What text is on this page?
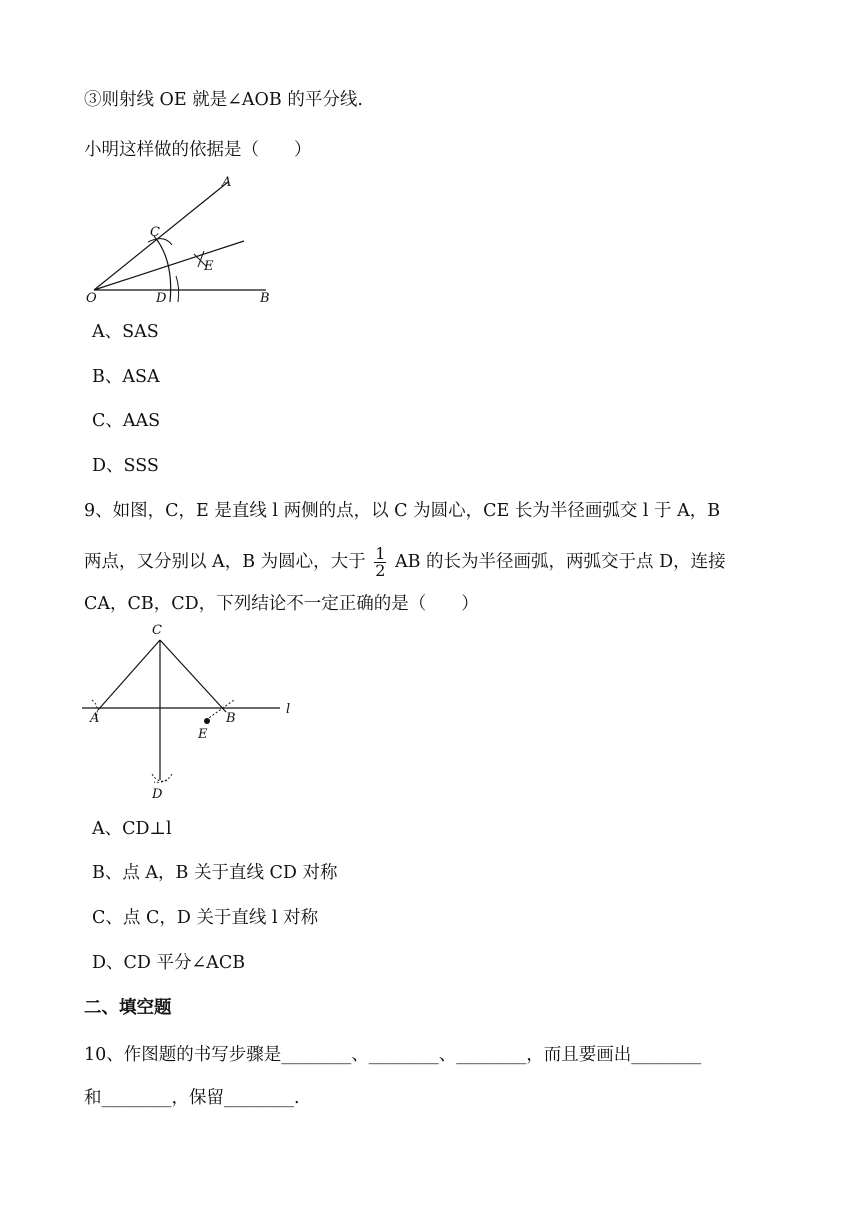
③则射线 OE 就是∠AOB 的平分线.
小明这样做的依据是（　　）
A
C
E
O	D	B
A、SAS
B、ASA
C、AAS
D、SSS
9、如图，C，E 是直线 l 两侧的点，以 C 为圆心，CE 长为半径画弧交 l 于 A，B
两点，又分别以 A，B 为圆心，大于 $\frac{1}{2}$ AB 的长为半径画弧，两弧交于点 D，连接
CA，CB，CD，下列结论不一定正确的是（　　）
C
A	B
E
l
D
A、CD⊥l
B、点 A，B 关于直线 CD 对称
C、点 C，D 关于直线 l 对称
D、CD 平分∠ACB
二、填空题
10、作图题的书写步骤是________、________、________，而且要画出________
和________，保留________.
